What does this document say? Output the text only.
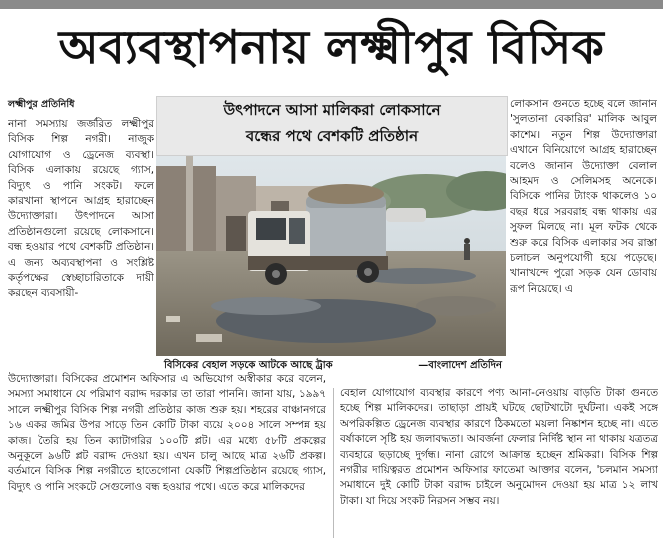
অব্যবস্থাপনায় লক্ষ্মীপুর বিসিক
লক্ষ্মীপুর প্রতিনিধি
নানা সমস্যায় জর্জরিত লক্ষ্মীপুর বিসিক শিল্প নগরী। নাজুক যোগাযোগ ও ড্রেনেজ ব্যবস্থা। বিসিক এলাকায় রয়েছে গ্যাস, বিদ্যুৎ ও পানি সংকট। ফলে কারখানা স্থাপনে আগ্রহ হারাচ্ছেন উদ্যোক্তারা। উৎপাদনে আসা প্রতিষ্ঠানগুলো রয়েছে লোকসানে। বন্ধ হওয়ার পথে বেশকটি প্রতিষ্ঠান। এ জন্য অব্যবস্থাপনা ও সংশ্লিষ্ট কর্তৃপক্ষের স্বেচ্ছাচারিতাকে দায়ী করছেন ব্যবসায়ী-
উৎপাদনে আসা মালিকরা লোকসানে
বন্ধের পথে বেশকটি প্রতিষ্ঠান
বিসিকের বেহাল সড়কে আটকে আছে ট্রাক	—বাংলাদেশ প্রতিদিন
লোকসান গুনতে হচ্ছে বলে জানান 'সুলতানা বেকারির' মালিক আবুল কাশেম। নতুন শিল্প উদ্যোক্তারা এখানে বিনিয়োগে আগ্রহ হারাচ্ছেন বলেও জানান উদ্যোক্তা বেলাল আহমদ ও সেলিমসহ অনেকে। বিসিকে পানির ট্যাংক থাকলেও ১০ বছর ধরে সরবরাহ বন্ধ থাকায় এর সুফল মিলছে না। মূল ফটক থেকে শুরু করে বিসিক এলাকার সব রাস্তা চলাচল অনুপযোগী হয়ে পড়েছে। খানাখন্দে পুরো সড়ক যেন ডোবায় রূপ নিয়েছে। এ
উদ্যোক্তারা। বিসিকের প্রমোশন অফিসার এ অভিযোগ অস্বীকার করে বলেন, সমস্যা সমাধানে যে পরিমাণ বরাদ্দ দরকার তা তারা পাননি। জানা যায়, ১৯৯৭ সালে লক্ষ্মীপুর বিসিক শিল্প নগরী প্রতিষ্ঠার কাজ শুরু হয়। শহরের বাঞ্চানগরে ১৬ একর জমির উপর সাড়ে তিন কোটি টাকা ব্যয়ে ২০০৪ সালে সম্পন্ন হয় কাজ। তৈরি হয় তিন ক্যাটাগরির ১০০টি প্লট। এর মধ্যে ৫৮টি প্রকল্পের অনুকূলে ৯৬টি প্লট বরাদ্দ দেওয়া হয়। এখন চালু আছে মাত্র ২৬টি প্রকল্প। বর্তমানে বিসিক শিল্প নগরীতে হাতেগোনা যেকটি শিল্পপ্রতিষ্ঠান রয়েছে গ্যাস, বিদ্যুৎ ও পানি সংকটে সেগুলোও বন্ধ হওয়ার পথে। এতে করে মালিকদের
বেহাল যোগাযোগ ব্যবস্থার কারণে পণ্য আনা-নেওয়ায় বাড়তি টাকা গুনতে হচ্ছে শিল্প মালিকদের। তাছাড়া প্রায়ই ঘটছে ছোটখাটো দুর্ঘটনা। একই সঙ্গে অপরিকল্পিত ড্রেনেজ ব্যবস্থার কারণে ঠিকমতো ময়লা নিষ্কাশন হচ্ছে না। এতে বর্ষাকালে সৃষ্টি হয় জলাবদ্ধতা। আবর্জনা ফেলার নির্দিষ্ট স্থান না থাকায় যত্রতত্র ব্যবহারে ছড়াচ্ছে দুর্গন্ধ। নানা রোগে আক্রান্ত হচ্ছেন শ্রমিকরা। বিসিক শিল্প নগরীর দায়িত্বরত প্রমোশন অফিসার ফাতেমা আক্তার বলেন, 'চলমান সমস্যা সমাধানে দুই কোটি টাকা বরাদ্দ চাইলে অনুমোদন দেওয়া হয় মাত্র ১২ লাখ টাকা। যা দিয়ে সংকট নিরসন সম্ভব নয়।
